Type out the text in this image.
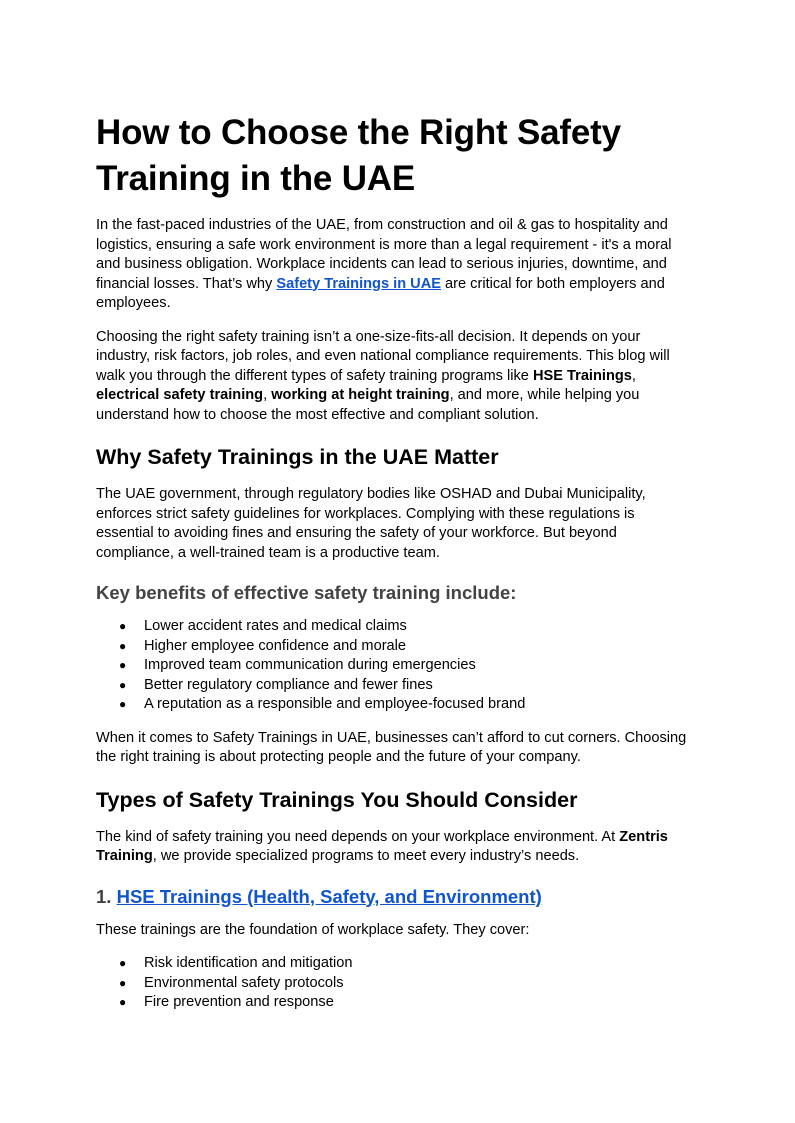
How to Choose the Right Safety Training in the UAE

In the fast-paced industries of the UAE, from construction and oil & gas to hospitality and logistics, ensuring a safe work environment is more than a legal requirement - it's a moral and business obligation. Workplace incidents can lead to serious injuries, downtime, and financial losses. That’s why Safety Trainings in UAE are critical for both employers and employees.

Choosing the right safety training isn’t a one-size-fits-all decision. It depends on your industry, risk factors, job roles, and even national compliance requirements. This blog will walk you through the different types of safety training programs like HSE Trainings, electrical safety training, working at height training, and more, while helping you understand how to choose the most effective and compliant solution.

Why Safety Trainings in the UAE Matter

The UAE government, through regulatory bodies like OSHAD and Dubai Municipality, enforces strict safety guidelines for workplaces. Complying with these regulations is essential to avoiding fines and ensuring the safety of your workforce. But beyond compliance, a well-trained team is a productive team.

Key benefits of effective safety training include:
● Lower accident rates and medical claims
● Higher employee confidence and morale
● Improved team communication during emergencies
● Better regulatory compliance and fewer fines
● A reputation as a responsible and employee-focused brand

When it comes to Safety Trainings in UAE, businesses can’t afford to cut corners. Choosing the right training is about protecting people and the future of your company.

Types of Safety Trainings You Should Consider

The kind of safety training you need depends on your workplace environment. At Zentris Training, we provide specialized programs to meet every industry’s needs.

1. HSE Trainings (Health, Safety, and Environment)

These trainings are the foundation of workplace safety. They cover:

● Risk identification and mitigation
● Environmental safety protocols
● Fire prevention and response
